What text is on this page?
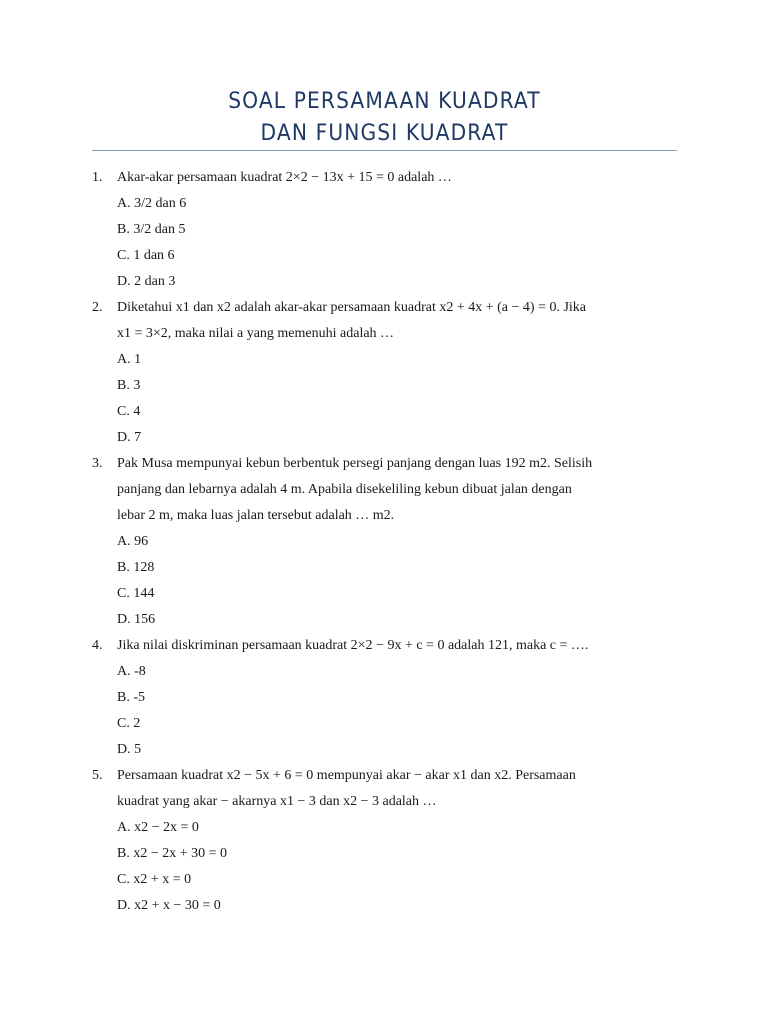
SOAL PERSAMAAN KUADRAT
DAN FUNGSI KUADRAT
1. Akar-akar persamaan kuadrat 2×2 − 13x + 15 = 0 adalah …
A. 3/2 dan 6
B. 3/2 dan 5
C. 1 dan 6
D. 2 dan 3
2. Diketahui x1 dan x2 adalah akar-akar persamaan kuadrat x2 + 4x + (a − 4) = 0. Jika
x1 = 3×2, maka nilai a yang memenuhi adalah …
A. 1
B. 3
C. 4
D. 7
3. Pak Musa mempunyai kebun berbentuk persegi panjang dengan luas 192 m2. Selisih
panjang dan lebarnya adalah 4 m. Apabila disekeliling kebun dibuat jalan dengan
lebar 2 m, maka luas jalan tersebut adalah … m2.
A. 96
B. 128
C. 144
D. 156
4. Jika nilai diskriminan persamaan kuadrat 2×2 − 9x + c = 0 adalah 121, maka c = ….
A. -8
B. -5
C. 2
D. 5
5. Persamaan kuadrat x2 − 5x + 6 = 0 mempunyai akar − akar x1 dan x2. Persamaan
kuadrat yang akar − akarnya x1 − 3 dan x2 − 3 adalah …
A. x2 − 2x = 0
B. x2 − 2x + 30 = 0
C. x2 + x = 0
D. x2 + x − 30 = 0
